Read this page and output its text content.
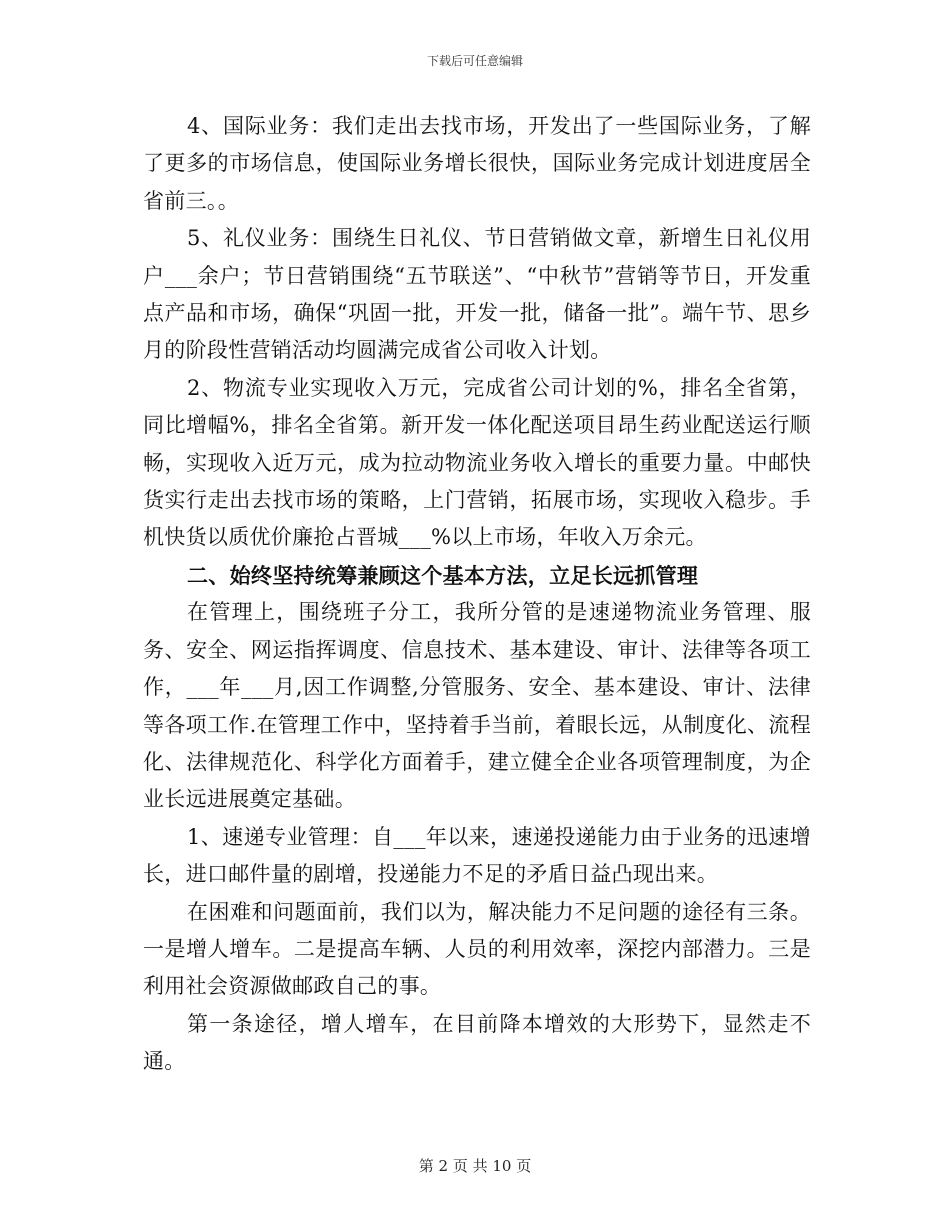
下载后可任意编辑

4、国际业务：我们走出去找市场，开发出了一些国际业务，了解了更多的市场信息，使国际业务增长很快，国际业务完成计划进度居全省前三。。

5、礼仪业务：围绕生日礼仪、节日营销做文章，新增生日礼仪用户___余户；节日营销围绕“五节联送”、“中秋节”营销等节日，开发重点产品和市场，确保“巩固一批，开发一批，储备一批”。端午节、思乡月的阶段性营销活动均圆满完成省公司收入计划。

2、物流专业实现收入万元，完成省公司计划的%，排名全省第，同比增幅%，排名全省第。新开发一体化配送项目昂生药业配送运行顺畅，实现收入近万元，成为拉动物流业务收入增长的重要力量。中邮快货实行走出去找市场的策略，上门营销，拓展市场，实现收入稳步。手机快货以质优价廉抢占晋城___%以上市场，年收入万余元。

二、始终坚持统筹兼顾这个基本方法，立足长远抓管理

在管理上，围绕班子分工，我所分管的是速递物流业务管理、服务、安全、网运指挥调度、信息技术、基本建设、审计、法律等各项工作，___年___月,因工作调整,分管服务、安全、基本建设、审计、法律等各项工作.在管理工作中，坚持着手当前，着眼长远，从制度化、流程化、法律规范化、科学化方面着手，建立健全企业各项管理制度，为企业长远进展奠定基础。

1、速递专业管理：自___年以来，速递投递能力由于业务的迅速增长，进口邮件量的剧增，投递能力不足的矛盾日益凸现出来。

在困难和问题面前，我们以为，解决能力不足问题的途径有三条。一是增人增车。二是提高车辆、人员的利用效率，深挖内部潜力。三是利用社会资源做邮政自己的事。

第一条途径，增人增车，在目前降本增效的大形势下，显然走不通。

第 2 页 共 10 页
